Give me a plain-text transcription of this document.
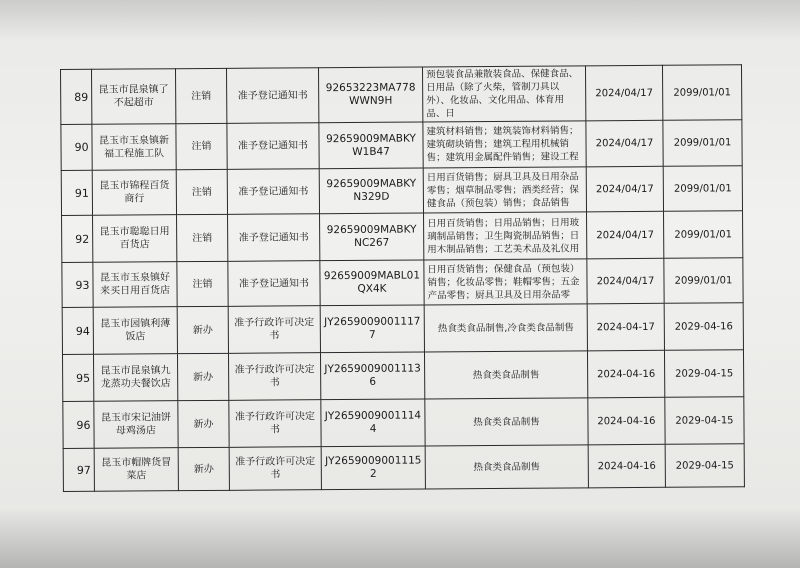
89	昆玉市昆泉镇了不起超市	注销	准予登记通知书	92653223MA778WWN9H	预包装食品兼散装食品、保健食品、日用品（除了火柴，管制刀具以外）、化妆品、文化用品、体育用品、日	2024/04/17	2099/01/01
90	昆玉市玉泉镇新福工程施工队	注销	准予登记通知书	92659009MABKYW1B47	建筑材料销售；建筑装饰材料销售；建筑砌块销售；建筑工程用机械销售；建筑用金属配件销售；建设工程	2024/04/17	2099/01/01
91	昆玉市锦程百货商行	注销	准予登记通知书	92659009MABKYN329D	日用百货销售；厨具卫具及日用杂品零售；烟草制品零售；酒类经营；保健食品（预包装）销售；食品销售	2024/04/17	2099/01/01
92	昆玉市聪聪日用百货店	注销	准予登记通知书	92659009MABKYNC267	日用百货销售；日用品销售；日用玻璃制品销售；卫生陶瓷制品销售；日用木制品销售；工艺美术品及礼仪用	2024/04/17	2099/01/01
93	昆玉市玉泉镇好来买日用百货店	注销	准予登记通知书	92659009MABL01QX4K	日用百货销售；保健食品（预包装）销售；化妆品零售；鞋帽零售；五金产品零售；厨具卫具及日用杂品零	2024/04/17	2099/01/01
94	昆玉市园镇利薄饭店	新办	准予行政许可决定书	JY26590090011177	热食类食品制售,冷食类食品制售	2024-04-17	2029-04-16
95	昆玉市昆泉镇九龙蒸功夫餐饮店	新办	准予行政许可决定书	JY26590090011136	热食类食品制售	2024-04-16	2029-04-15
96	昆玉市宋记油饼母鸡汤店	新办	准予行政许可决定书	JY26590090011144	热食类食品制售	2024-04-16	2029-04-15
97	昆玉市帽牌货冒菜店	新办	准予行政许可决定书	JY26590090011152	热食类食品制售	2024-04-16	2029-04-15
